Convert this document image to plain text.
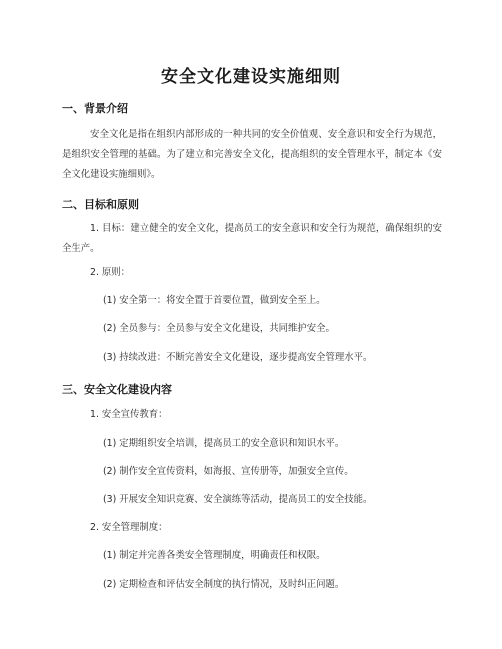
安全文化建设实施细则
一、背景介绍
安全文化是指在组织内部形成的一种共同的安全价值观、安全意识和安全行为规范，是组织安全管理的基础。为了建立和完善安全文化，提高组织的安全管理水平，制定本《安全文化建设实施细则》。
二、目标和原则
1. 目标：建立健全的安全文化，提高员工的安全意识和安全行为规范，确保组织的安全生产。
2. 原则：
(1) 安全第一：将安全置于首要位置，做到安全至上。
(2) 全员参与：全员参与安全文化建设，共同维护安全。
(3) 持续改进：不断完善安全文化建设，逐步提高安全管理水平。
三、安全文化建设内容
1. 安全宣传教育：
(1) 定期组织安全培训，提高员工的安全意识和知识水平。
(2) 制作安全宣传资料，如海报、宣传册等，加强安全宣传。
(3) 开展安全知识竞赛、安全演练等活动，提高员工的安全技能。
2. 安全管理制度：
(1) 制定并完善各类安全管理制度，明确责任和权限。
(2) 定期检查和评估安全制度的执行情况，及时纠正问题。
